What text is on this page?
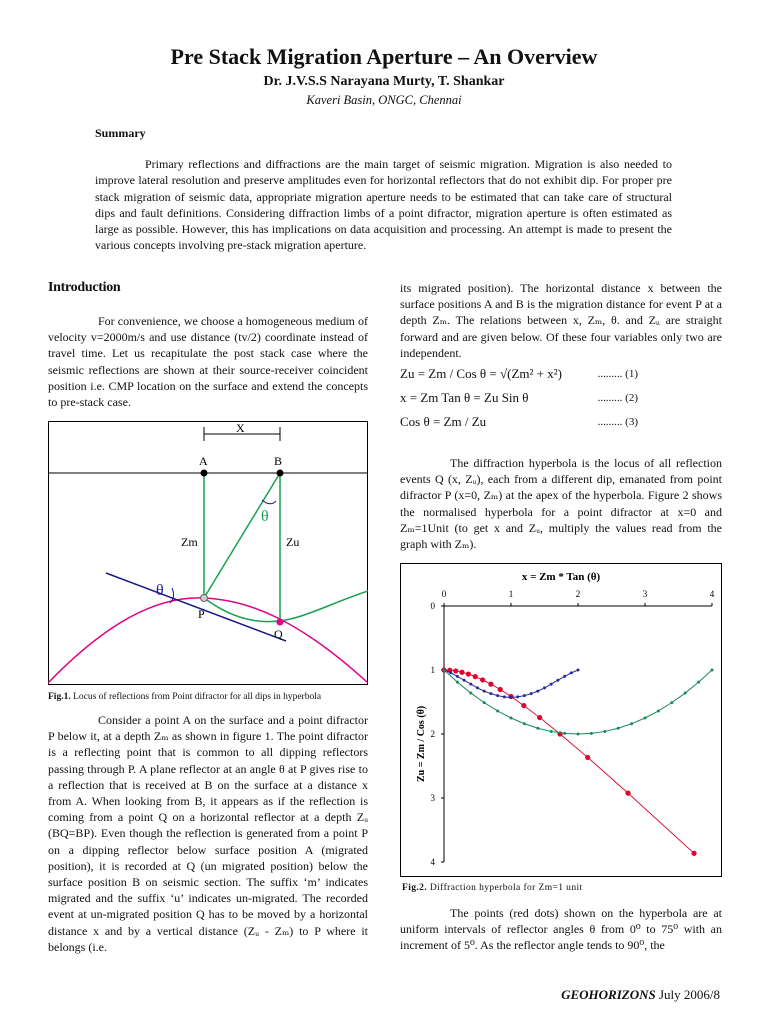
Pre Stack Migration Aperture – An Overview
Dr. J.V.S.S Narayana Murty, T. Shankar
Kaveri Basin, ONGC, Chennai
Summary

Primary reflections and diffractions are the main target of seismic migration. Migration is also needed to improve lateral resolution and preserve amplitudes even for horizontal reflectors that do not exhibit dip. For proper pre stack migration of seismic data, appropriate migration aperture needs to be estimated that can take care of structural dips and fault definitions. Considering diffraction limbs of a point difractor, migration aperture is often estimated as large as possible. However, this has implications on data acquisition and processing. An attempt is made to present the various concepts involving pre-stack migration aperture.

Introduction

For convenience, we choose a homogeneous medium of velocity v=2000m/s and use distance (tv/2) coordinate instead of travel time. Let us recapitulate the post stack case where the seismic reflections are shown at their source-receiver coincident position i.e. CMP location on the surface and extend the concepts to pre-stack case.

X
A	B
Zm	Zu
P
Q
θ
θ
Fig.1. Locus of reflections from Point difractor for all dips in hyperbola

Consider a point A on the surface and a point difractor P below it, at a depth Zₘ as shown in figure 1. The point difractor is a reflecting point that is common to all dipping reflectors passing through P. A plane reflector at an angle θ at P gives rise to a reflection that is received at B on the surface at a distance x from A. When looking from B, it appears as if the reflection is coming from a point Q on a horizontal reflector at a depth Zᵤ (BQ=BP). Even though the reflection is generated from a point P on a dipping reflector below surface position A (migrated position), it is recorded at Q (un migrated position) below the surface position B on seismic section. The suffix ‘m’ indicates migrated and the suffix ‘u’ indicates un-migrated. The recorded event at un-migrated position Q has to be moved by a horizontal distance x and by a vertical distance (Zᵤ - Zₘ) to P where it belongs (i.e.

its migrated position). The horizontal distance x between the surface positions A and B is the migration distance for event P at a depth Zₘ. The relations between x, Zₘ, θ. and Zᵤ are straight forward and are given below. Of these four variables only two are independent.

Zu = Zm / Cos θ = √(Zm² + x²)	......... (1)
x = Zm Tan θ = Zu Sin θ	......... (2)
Cos θ = Zm / Zu	......... (3)

The diffraction hyperbola is the locus of all reflection events Q (x, Zᵤ), each from a different dip, emanated from point difractor P (x=0, Zₘ) at the apex of the hyperbola. Figure 2 shows the normalised hyperbola for a point difractor at x=0 and Zₘ=1Unit (to get x and Zᵤ, multiply the values read from the graph with Zₘ).

x = Zm * Tan (θ)
0	1	2	3	4
0
1
2
3
4
Zu = Zm / Cos (θ)
Fig.2. Diffraction hyperbola for Zm=1 unit

The points (red dots) shown on the hyperbola are at uniform intervals of reflector angles θ from 0⁰ to 75⁰ with an increment of 5⁰. As the reflector angle tends to 90⁰, the

GEOHORIZONS July 2006/8
